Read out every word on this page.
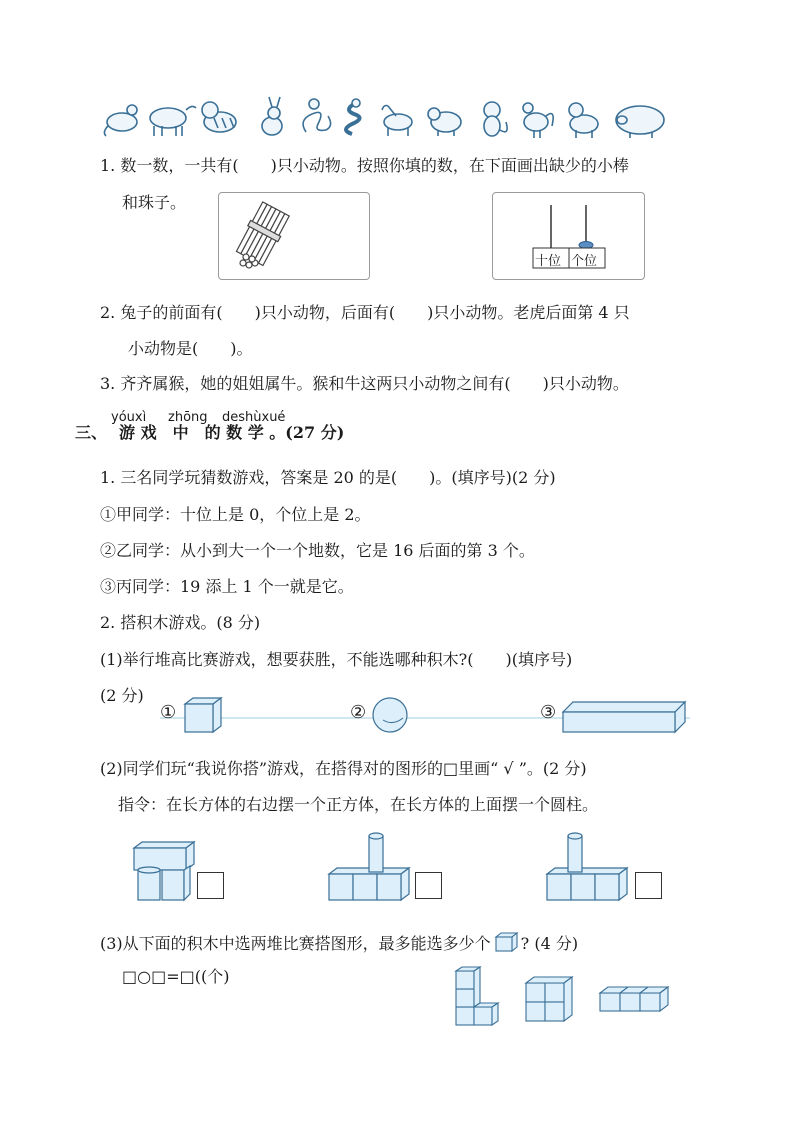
1. 数一数，一共有(　　)只小动物。按照你填的数，在下面画出缺少的小棒
和珠子。
十位 个位
2. 兔子的前面有(　　)只小动物，后面有(　　)只小动物。老虎后面第 4 只
小动物是(　　)。
3. 齐齐属猴，她的姐姐属牛。猴和牛这两只小动物之间有(　　)只小动物。
yóuxì zhōng deshùxué
三、 游 戏　中　的 数 学 。(27 分)
1. 三名同学玩猜数游戏，答案是 20 的是(　　)。(填序号)(2 分)
①甲同学：十位上是 0，个位上是 2。
②乙同学：从小到大一个一个地数，它是 16 后面的第 3 个。
③丙同学：19 添上 1 个一就是它。
2. 搭积木游戏。(8 分)
(1)举行堆高比赛游戏，想要获胜，不能选哪种积木?(　　)(填序号)
(2 分)
①	②	③
(2)同学们玩“我说你搭”游戏，在搭得对的图形的□里画“ √ ”。(2 分)
指令：在长方体的右边摆一个正方体，在长方体的上面摆一个圆柱。
(3)从下面的积木中选两堆比赛搭图形，最多能选多少个 ? (4 分)
□○□=□((个)
